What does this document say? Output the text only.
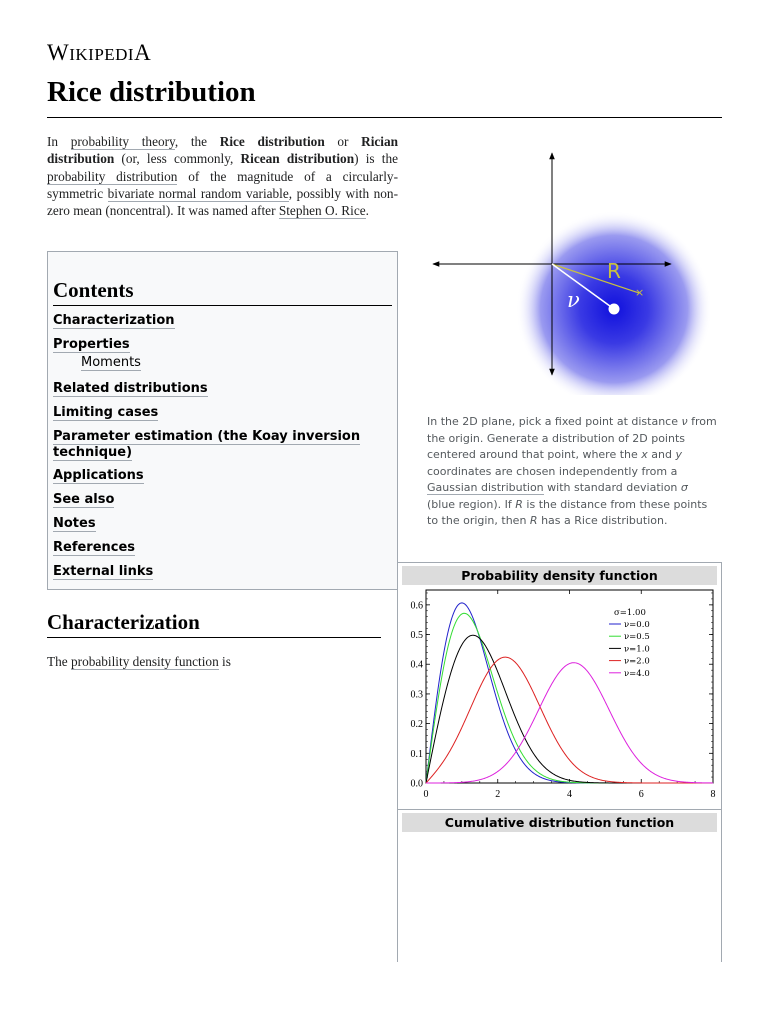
WIKIPEDIA
Rice distribution

In probability theory, the Rice distribution or Rician distribution (or, less commonly, Ricean distribution) is the probability distribution of the magnitude of a circularly-symmetric bivariate normal random variable, possibly with non-zero mean (noncentral). It was named after Stephen O. Rice.

Contents
Characterization
Properties
Moments
Related distributions
Limiting cases
Parameter estimation (the Koay inversion technique)
Applications
See also
Notes
References
External links
Characterization

The probability density function is

×
R
ν

In the 2D plane, pick a fixed point at distance ν from the origin. Generate a distribution of 2D points centered around that point, where the x and y coordinates are chosen independently from a Gaussian distribution with standard deviation σ (blue region). If R is the distance from these points to the origin, then R has a Rice distribution.

Probability density function
0	2	4	6	8
0.0
0.1
0.2
0.3
0.4
0.5
0.6
σ=1.00
ν=0.0
ν=0.5
ν=1.0
ν=2.0
ν=4.0
Cumulative distribution function
